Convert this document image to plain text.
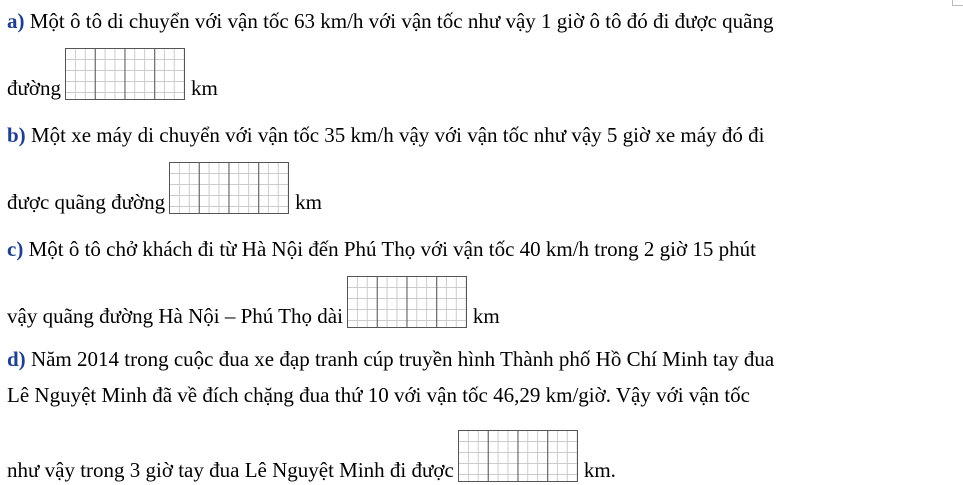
a) Một ô tô di chuyển với vận tốc 63 km/h với vận tốc như vậy 1 giờ ô tô đó đi được quãng
đường	km
b) Một xe máy di chuyển với vận tốc 35 km/h vậy với vận tốc như vậy 5 giờ xe máy đó đi
được quãng đường	km
c) Một ô tô chở khách đi từ Hà Nội đến Phú Thọ với vận tốc 40 km/h trong 2 giờ 15 phút
vậy quãng đường Hà Nội – Phú Thọ dài	km
d) Năm 2014 trong cuộc đua xe đạp tranh cúp truyền hình Thành phố Hồ Chí Minh tay đua
Lê Nguyệt Minh đã về đích chặng đua thứ 10 với vận tốc 46,29 km/giờ. Vậy với vận tốc
như vậy trong 3 giờ tay đua Lê Nguyệt Minh đi được	km.
